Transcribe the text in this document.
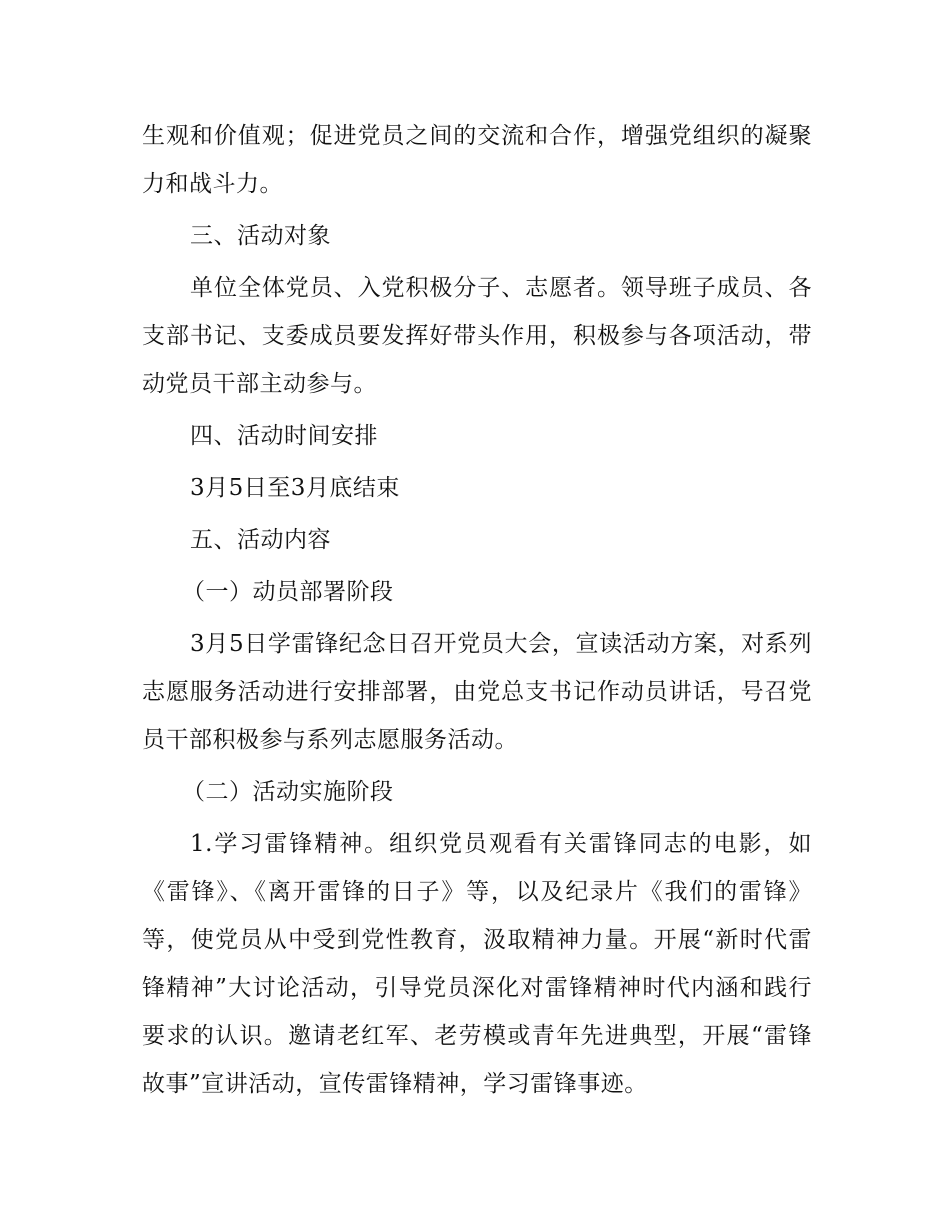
生观和价值观；促进党员之间的交流和合作，增强党组织的凝聚力和战斗力。

三、活动对象

单位全体党员、入党积极分子、志愿者。领导班子成员、各支部书记、支委成员要发挥好带头作用，积极参与各项活动，带动党员干部主动参与。

四、活动时间安排

3月5日至3月底结束

五、活动内容

（一）动员部署阶段

3月5日学雷锋纪念日召开党员大会，宣读活动方案，对系列志愿服务活动进行安排部署，由党总支书记作动员讲话，号召党员干部积极参与系列志愿服务活动。

（二）活动实施阶段

1.学习雷锋精神。组织党员观看有关雷锋同志的电影，如《雷锋》、《离开雷锋的日子》等，以及纪录片《我们的雷锋》等，使党员从中受到党性教育，汲取精神力量。开展“新时代雷锋精神”大讨论活动，引导党员深化对雷锋精神时代内涵和践行要求的认识。邀请老红军、老劳模或青年先进典型，开展“雷锋故事”宣讲活动，宣传雷锋精神，学习雷锋事迹。
